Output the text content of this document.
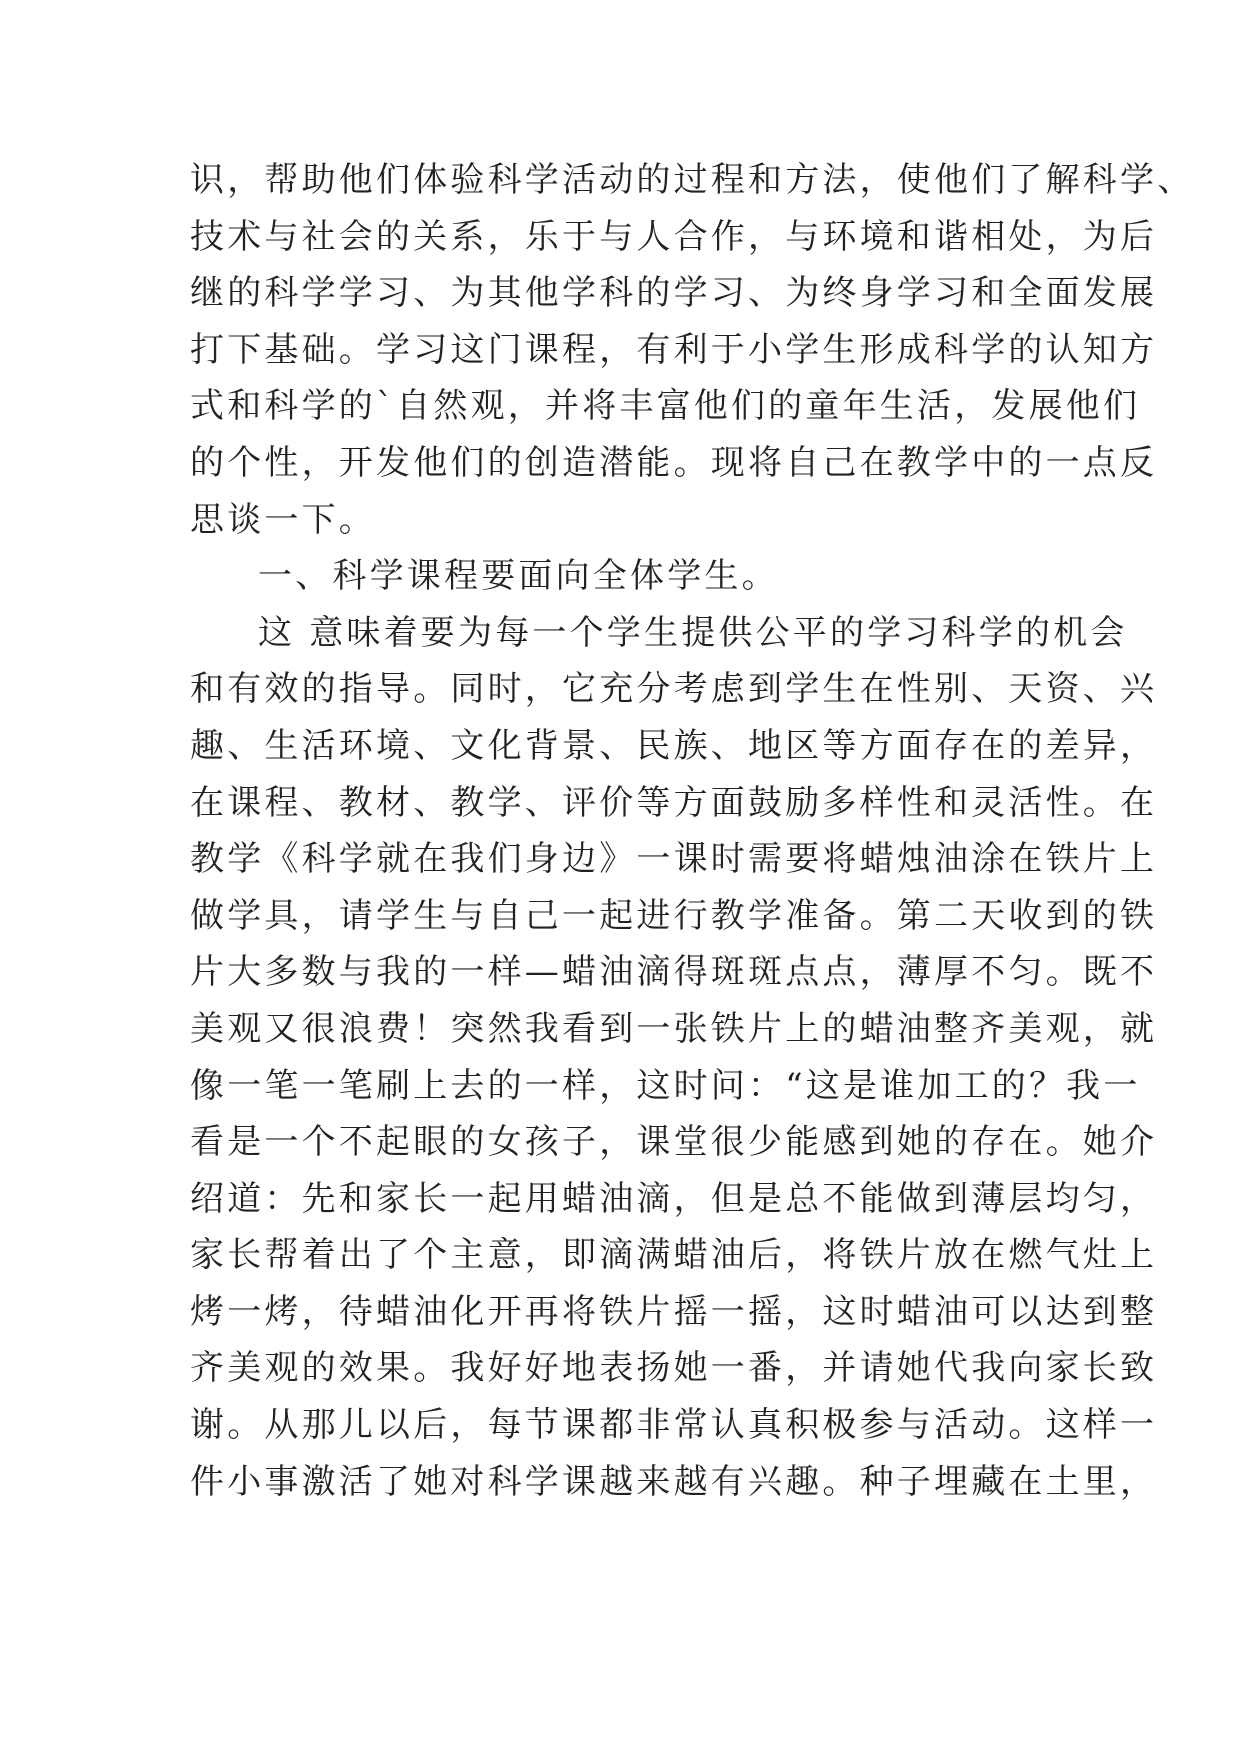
识，帮助他们体验科学活动的过程和方法，使他们了解科学、
技术与社会的关系，乐于与人合作，与环境和谐相处，为后
继的科学学习、为其他学科的学习、为终身学习和全面发展
打下基础。学习这门课程，有利于小学生形成科学的认知方
式和科学的`自然观，并将丰富他们的童年生活，发展他们
的个性，开发他们的创造潜能。现将自己在教学中的一点反
思谈一下。
一、科学课程要面向全体学生。
这 意味着要为每一个学生提供公平的学习科学的机会
和有效的指导。同时，它充分考虑到学生在性别、天资、兴
趣、生活环境、文化背景、民族、地区等方面存在的差异，
在课程、教材、教学、评价等方面鼓励多样性和灵活性。在
教学《科学就在我们身边》一课时需要将蜡烛油涂在铁片上
做学具，请学生与自己一起进行教学准备。第二天收到的铁
片大多数与我的一样—蜡油滴得斑斑点点，薄厚不匀。既不
美观又很浪费！突然我看到一张铁片上的蜡油整齐美观，就
像一笔一笔刷上去的一样，这时问：“这是谁加工的？我一
看是一个不起眼的女孩子，课堂很少能感到她的存在。她介
绍道：先和家长一起用蜡油滴，但是总不能做到薄层均匀，
家长帮着出了个主意，即滴满蜡油后，将铁片放在燃气灶上
烤一烤，待蜡油化开再将铁片摇一摇，这时蜡油可以达到整
齐美观的效果。我好好地表扬她一番，并请她代我向家长致
谢。从那儿以后，每节课都非常认真积极参与活动。这样一
件小事激活了她对科学课越来越有兴趣。种子埋藏在土里，
